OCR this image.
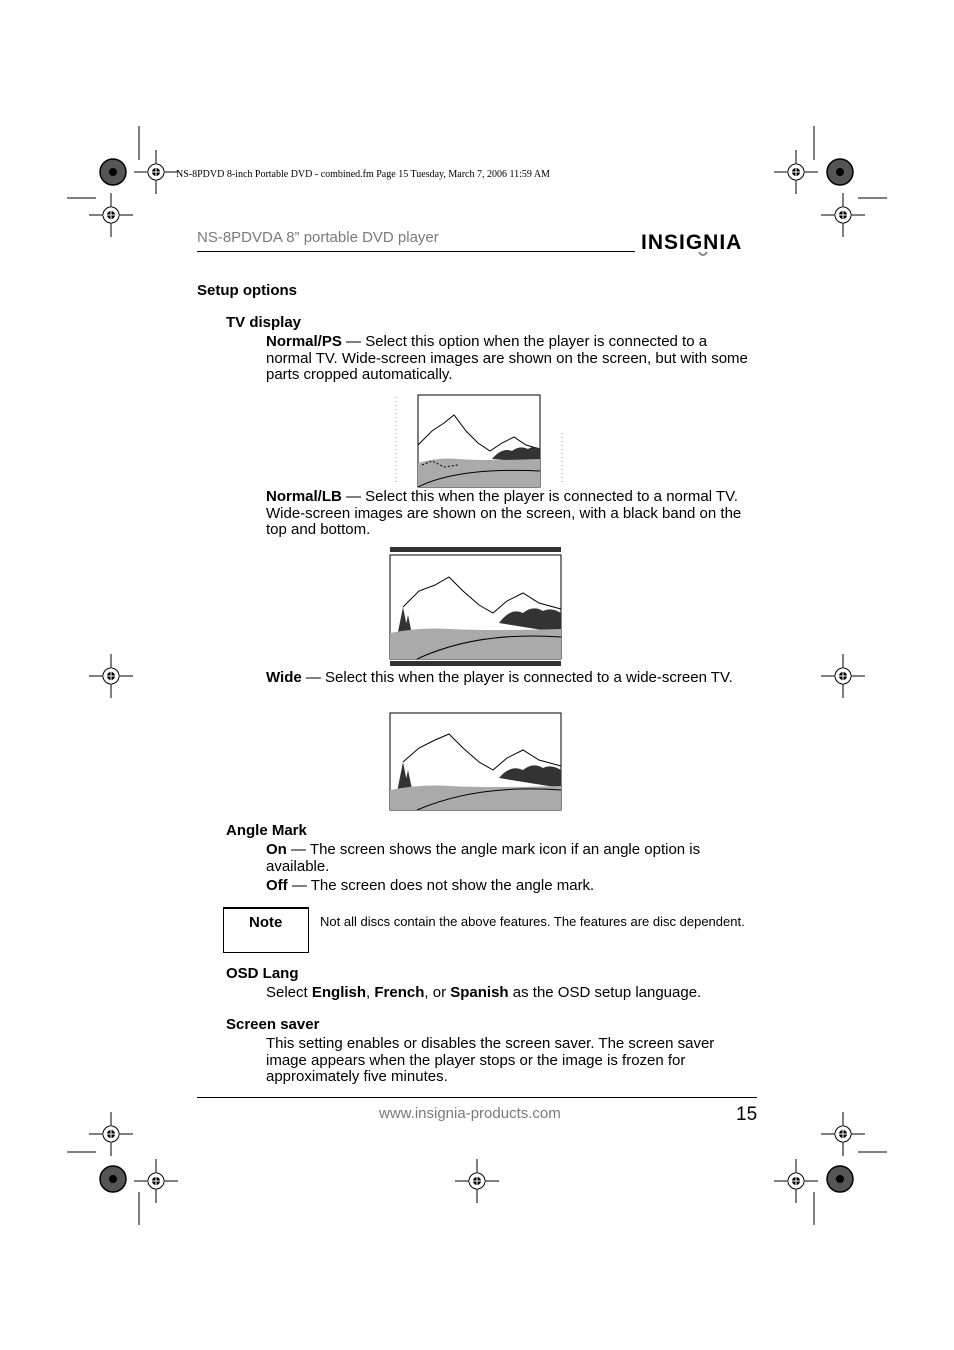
NS-8PDVD 8-inch Portable DVD - combined.fm Page 15 Tuesday, March 7, 2006 11:59 AM
NS-8PDVDA 8” portable DVD player	INSIGNIA
Setup options
TV display
Normal/PS — Select this option when the player is connected to a normal TV. Wide-screen images are shown on the screen, but with some parts cropped automatically.
Normal/LB — Select this when the player is connected to a normal TV. Wide-screen images are shown on the screen, with a black band on the top and bottom.
Wide — Select this when the player is connected to a wide-screen TV.
Angle Mark
On — The screen shows the angle mark icon if an angle option is available.
Off — The screen does not show the angle mark.
Note	Not all discs contain the above features. The features are disc dependent.
OSD Lang
Select English, French, or Spanish as the OSD setup language.
Screen saver
This setting enables or disables the screen saver. The screen saver image appears when the player stops or the image is frozen for approximately five minutes.
www.insignia-products.com	15
